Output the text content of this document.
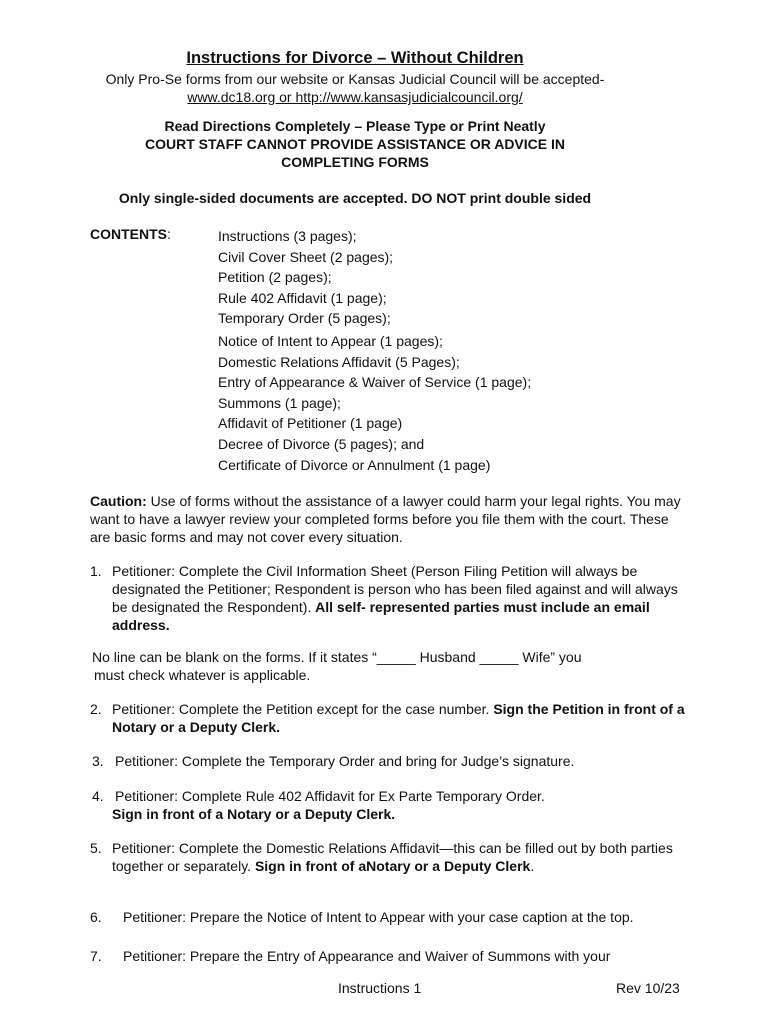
Instructions for Divorce – Without Children
Only Pro-Se forms from our website or Kansas Judicial Council will be accepted-
www.dc18.org or http://www.kansasjudicialcouncil.org/
Read Directions Completely – Please Type or Print Neatly
COURT STAFF CANNOT PROVIDE ASSISTANCE OR ADVICE IN
COMPLETING FORMS
Only single-sided documents are accepted. DO NOT print double sided
CONTENTS:	Instructions (3 pages);
Civil Cover Sheet (2 pages);
Petition (2 pages);
Rule 402 Affidavit (1 page);
Temporary Order (5 pages);
Notice of Intent to Appear (1 pages);
Domestic Relations Affidavit (5 Pages);
Entry of Appearance & Waiver of Service (1 page);
Summons (1 page);
Affidavit of Petitioner (1 page)
Decree of Divorce (5 pages); and
Certificate of Divorce or Annulment (1 page)

Caution: Use of forms without the assistance of a lawyer could harm your legal rights. You may want to have a lawyer review your completed forms before you file them with the court. These are basic forms and may not cover every situation.

1. Petitioner: Complete the Civil Information Sheet (Person Filing Petition will always be designated the Petitioner; Respondent is person who has been filed against and will always be designated the Respondent). All self- represented parties must include an email address.
No line can be blank on the forms. If it states “_____ Husband _____ Wife” you
must check whatever is applicable.
2. Petitioner: Complete the Petition except for the case number. Sign the Petition in front of a Notary or a Deputy Clerk.
3. Petitioner: Complete the Temporary Order and bring for Judge’s signature.
4. Petitioner: Complete Rule 402 Affidavit for Ex Parte Temporary Order.
Sign in front of a Notary or a Deputy Clerk.
5. Petitioner: Complete the Domestic Relations Affidavit—this can be filled out by both parties together or separately. Sign in front of aNotary or a Deputy Clerk.
6. Petitioner: Prepare the Notice of Intent to Appear with your case caption at the top.
7. Petitioner: Prepare the Entry of Appearance and Waiver of Summons with your
Instructions 1	Rev 10/23
